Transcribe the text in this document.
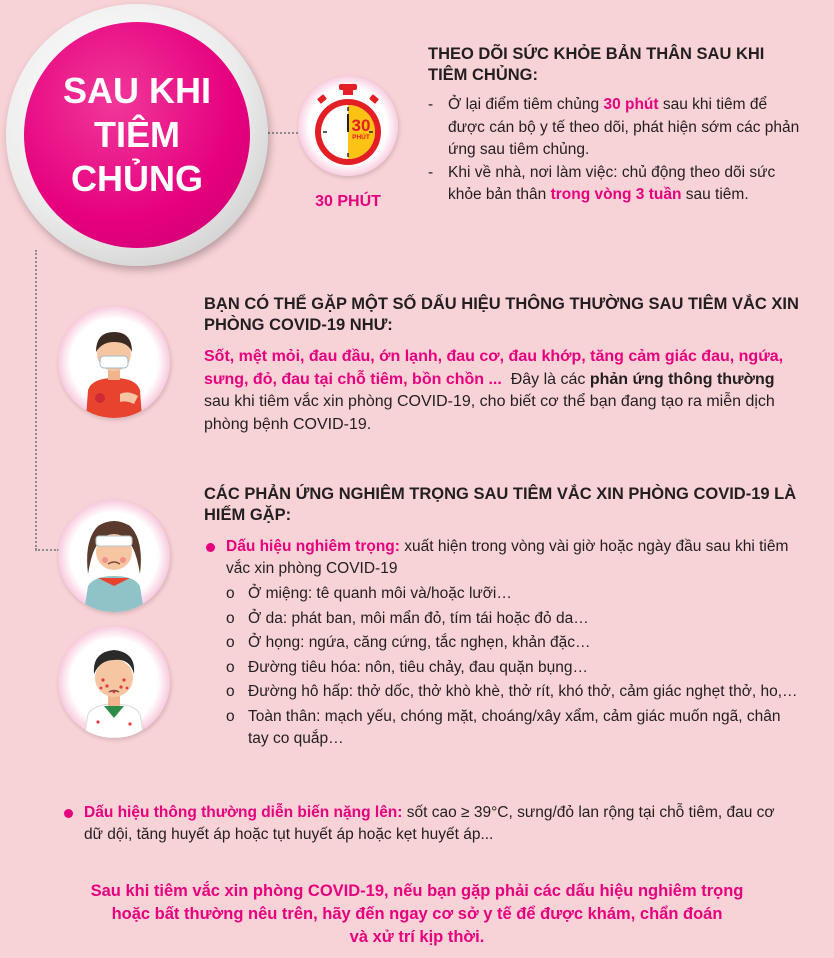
SAU KHI TIÊM CHỦNG
30
PHÚT
30 PHÚT
THEO DÕI SỨC KHỎE BẢN THÂN SAU KHI TIÊM CHỦNG:
- Ở lại điểm tiêm chủng 30 phút sau khi tiêm để được cán bộ y tế theo dõi, phát hiện sớm các phản ứng sau tiêm chủng.
- Khi về nhà, nơi làm việc: chủ động theo dõi sức khỏe bản thân trong vòng 3 tuần sau tiêm.
BẠN CÓ THỂ GẶP MỘT SỐ DẤU HIỆU THÔNG THƯỜNG SAU TIÊM VẮC XIN PHÒNG COVID-19 NHƯ:
Sốt, mệt mỏi, đau đầu, ớn lạnh, đau cơ, đau khớp, tăng cảm giác đau, ngứa, sưng, đỏ, đau tại chỗ tiêm, bồn chồn ...  Đây là các phản ứng thông thường sau khi tiêm vắc xin phòng COVID-19, cho biết cơ thể bạn đang tạo ra miễn dịch phòng bệnh COVID-19.
CÁC PHẢN ỨNG NGHIÊM TRỌNG SAU TIÊM VẮC XIN PHÒNG COVID-19 LÀ HIẾM GẶP:
Dấu hiệu nghiêm trọng: xuất hiện trong vòng vài giờ hoặc ngày đầu sau khi tiêm vắc xin phòng COVID-19
o Ở miệng: tê quanh môi và/hoặc lưỡi…
o Ở da: phát ban, môi mẩn đỏ, tím tái hoặc đỏ da…
o Ở họng: ngứa, căng cứng, tắc nghẹn, khản đặc…
o Đường tiêu hóa: nôn, tiêu chảy, đau quặn bụng…
o Đường hô hấp: thở dốc, thở khò khè, thở rít, khó thở, cảm giác nghẹt thở, ho,…
o Toàn thân: mạch yếu, chóng mặt, choáng/xây xẩm, cảm giác muốn ngã, chân tay co quắp…
Dấu hiệu thông thường diễn biến nặng lên: sốt cao ≥ 39°C, sưng/đỏ lan rộng tại chỗ tiêm, đau cơ dữ dội, tăng huyết áp hoặc tụt huyết áp hoặc kẹt huyết áp...
Sau khi tiêm vắc xin phòng COVID-19, nếu bạn gặp phải các dấu hiệu nghiêm trọng
hoặc bất thường nêu trên, hãy đến ngay cơ sở y tế để được khám, chẩn đoán
và xử trí kịp thời.
